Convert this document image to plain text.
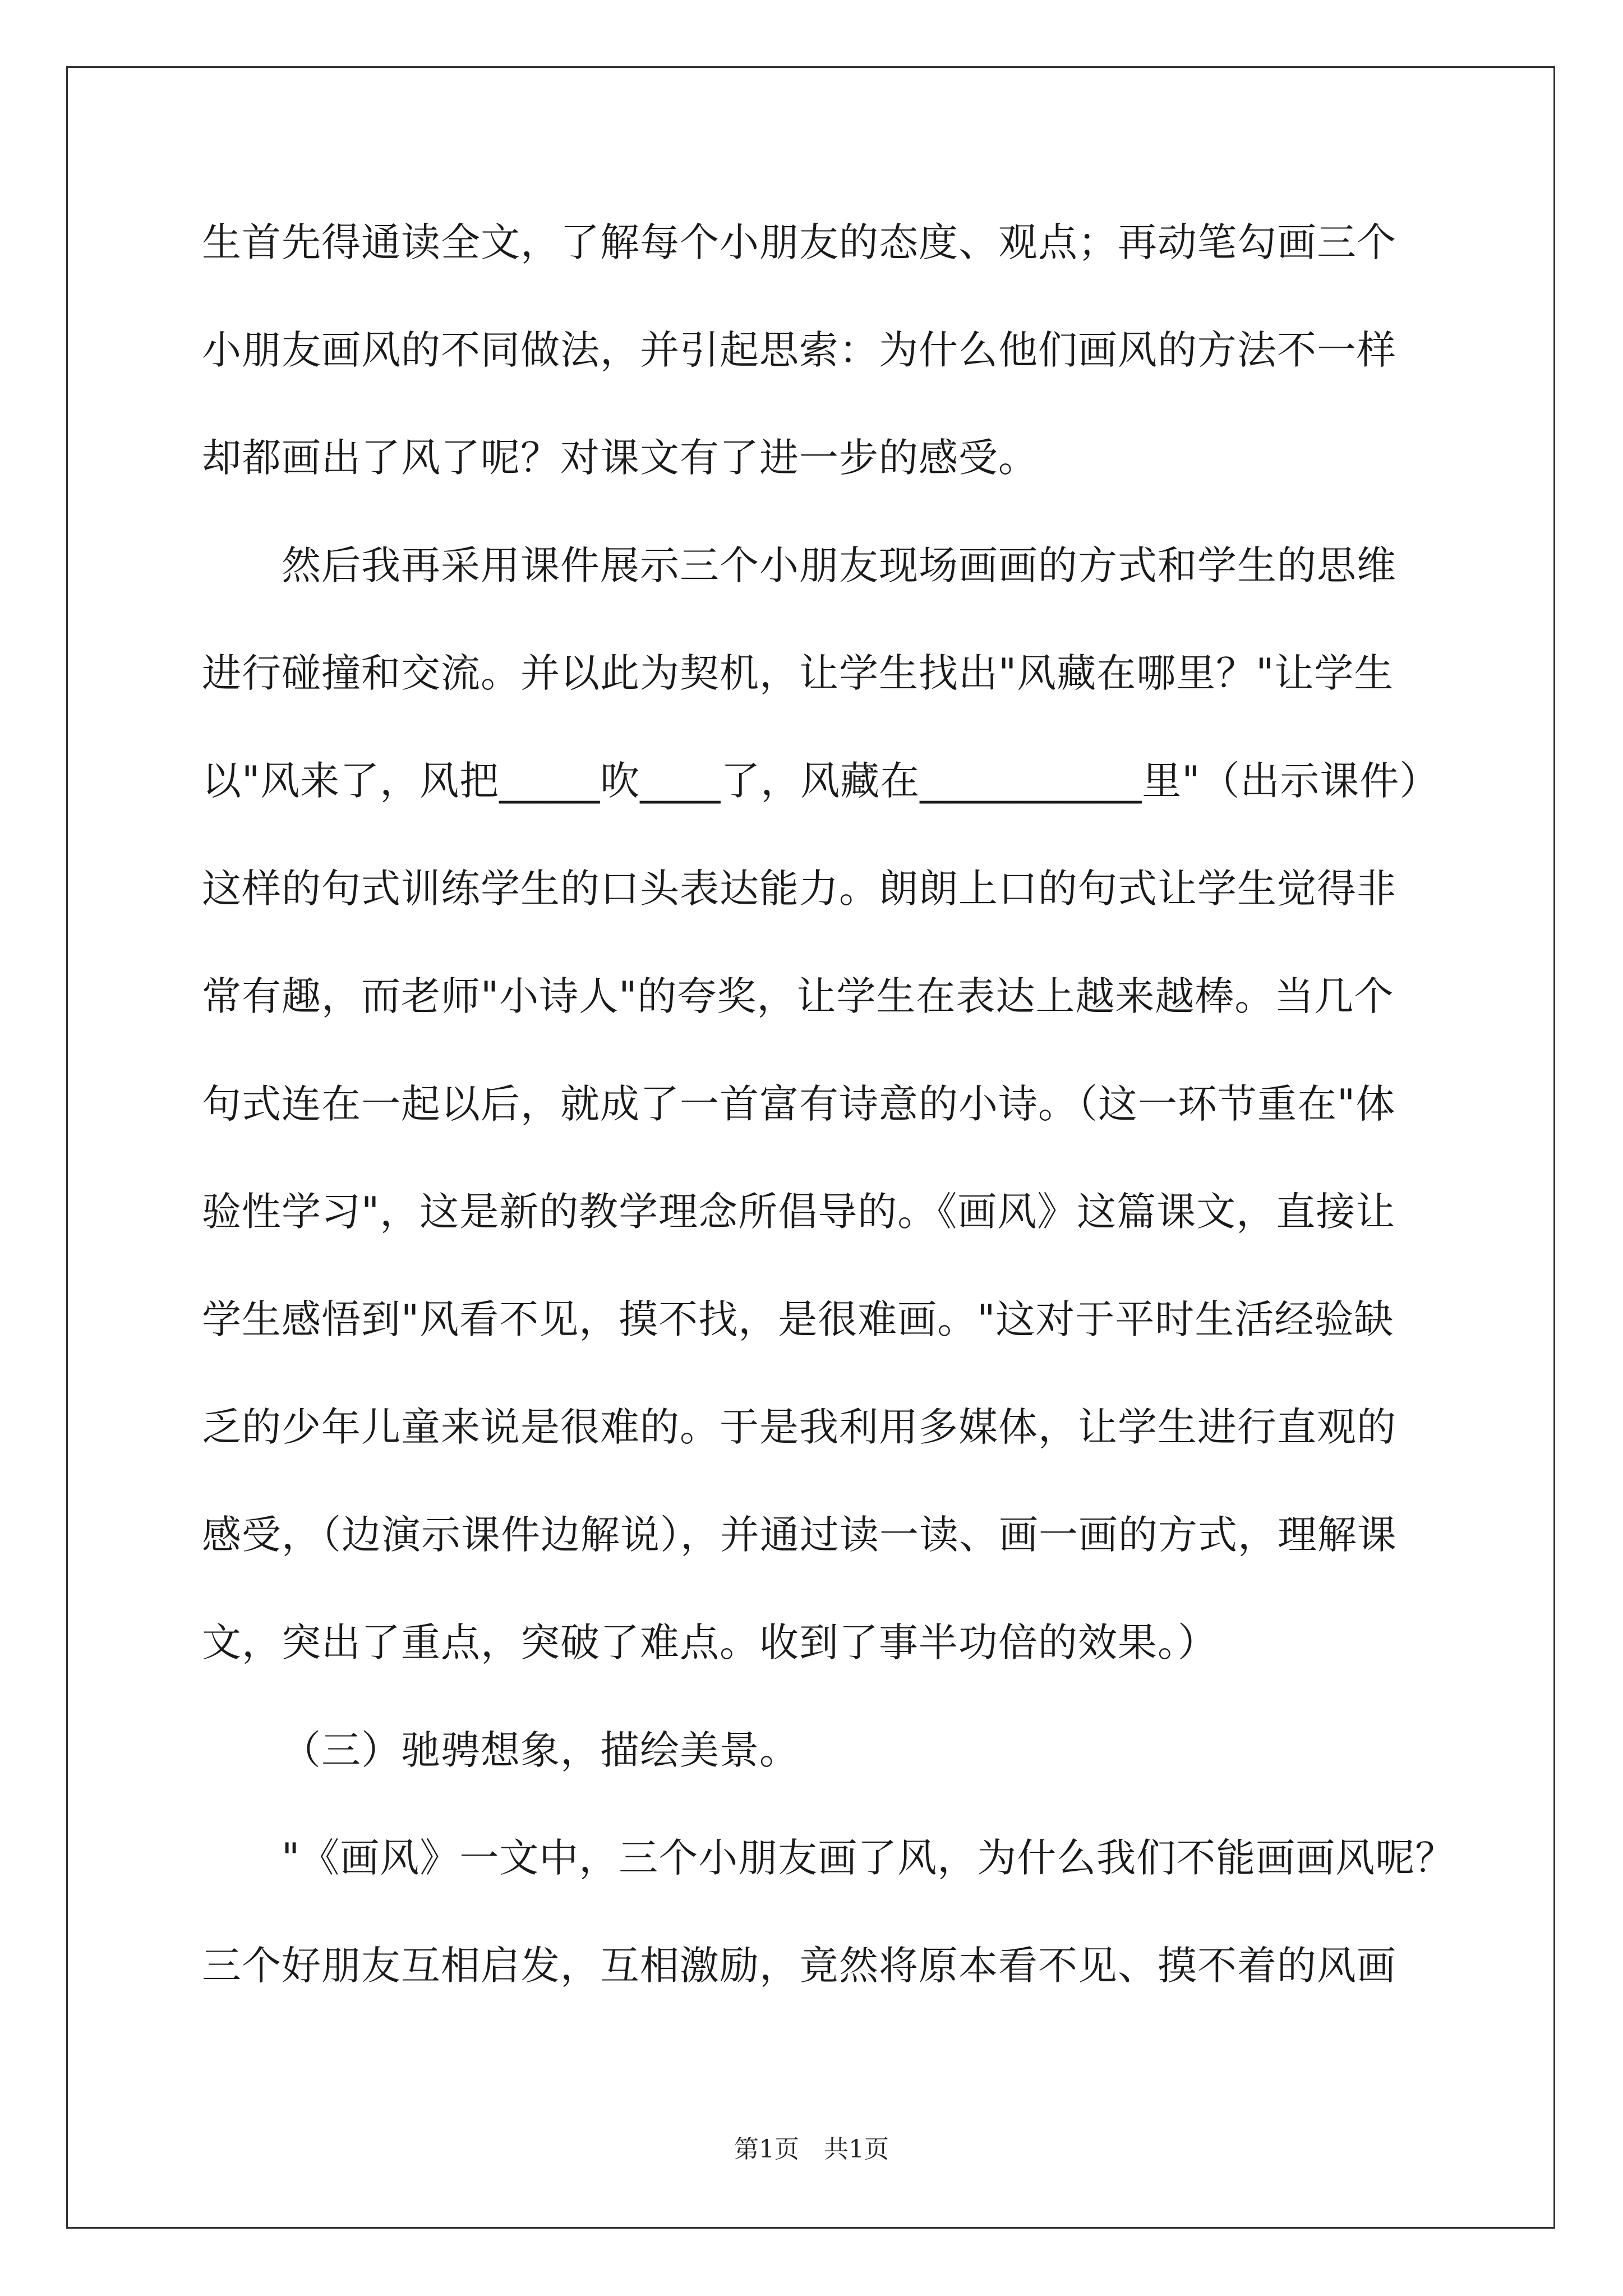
生首先得通读全文，了解每个小朋友的态度、观点；再动笔勾画三个
小朋友画风的不同做法，并引起思索：为什么他们画风的方法不一样
却都画出了风了呢？对课文有了进一步的感受。
然后我再采用课件展示三个小朋友现场画画的方式和学生的思维
进行碰撞和交流。并以此为契机，让学生找出"风藏在哪里？"让学生
以"风来了，风把_____吹____了，风藏在___________里"（出示课件）
这样的句式训练学生的口头表达能力。朗朗上口的句式让学生觉得非
常有趣，而老师"小诗人"的夸奖，让学生在表达上越来越棒。当几个
句式连在一起以后，就成了一首富有诗意的小诗。（这一环节重在"体
验性学习"，这是新的教学理念所倡导的。《画风》这篇课文，直接让
学生感悟到"风看不见，摸不找，是很难画。"这对于平时生活经验缺
乏的少年儿童来说是很难的。于是我利用多媒体，让学生进行直观的
感受，（边演示课件边解说），并通过读一读、画一画的方式，理解课
文，突出了重点，突破了难点。收到了事半功倍的效果。）
（三）驰骋想象，描绘美景。
"《画风》一文中，三个小朋友画了风，为什么我们不能画画风呢？
三个好朋友互相启发，互相激励，竟然将原本看不见、摸不着的风画
第1页　共1页
